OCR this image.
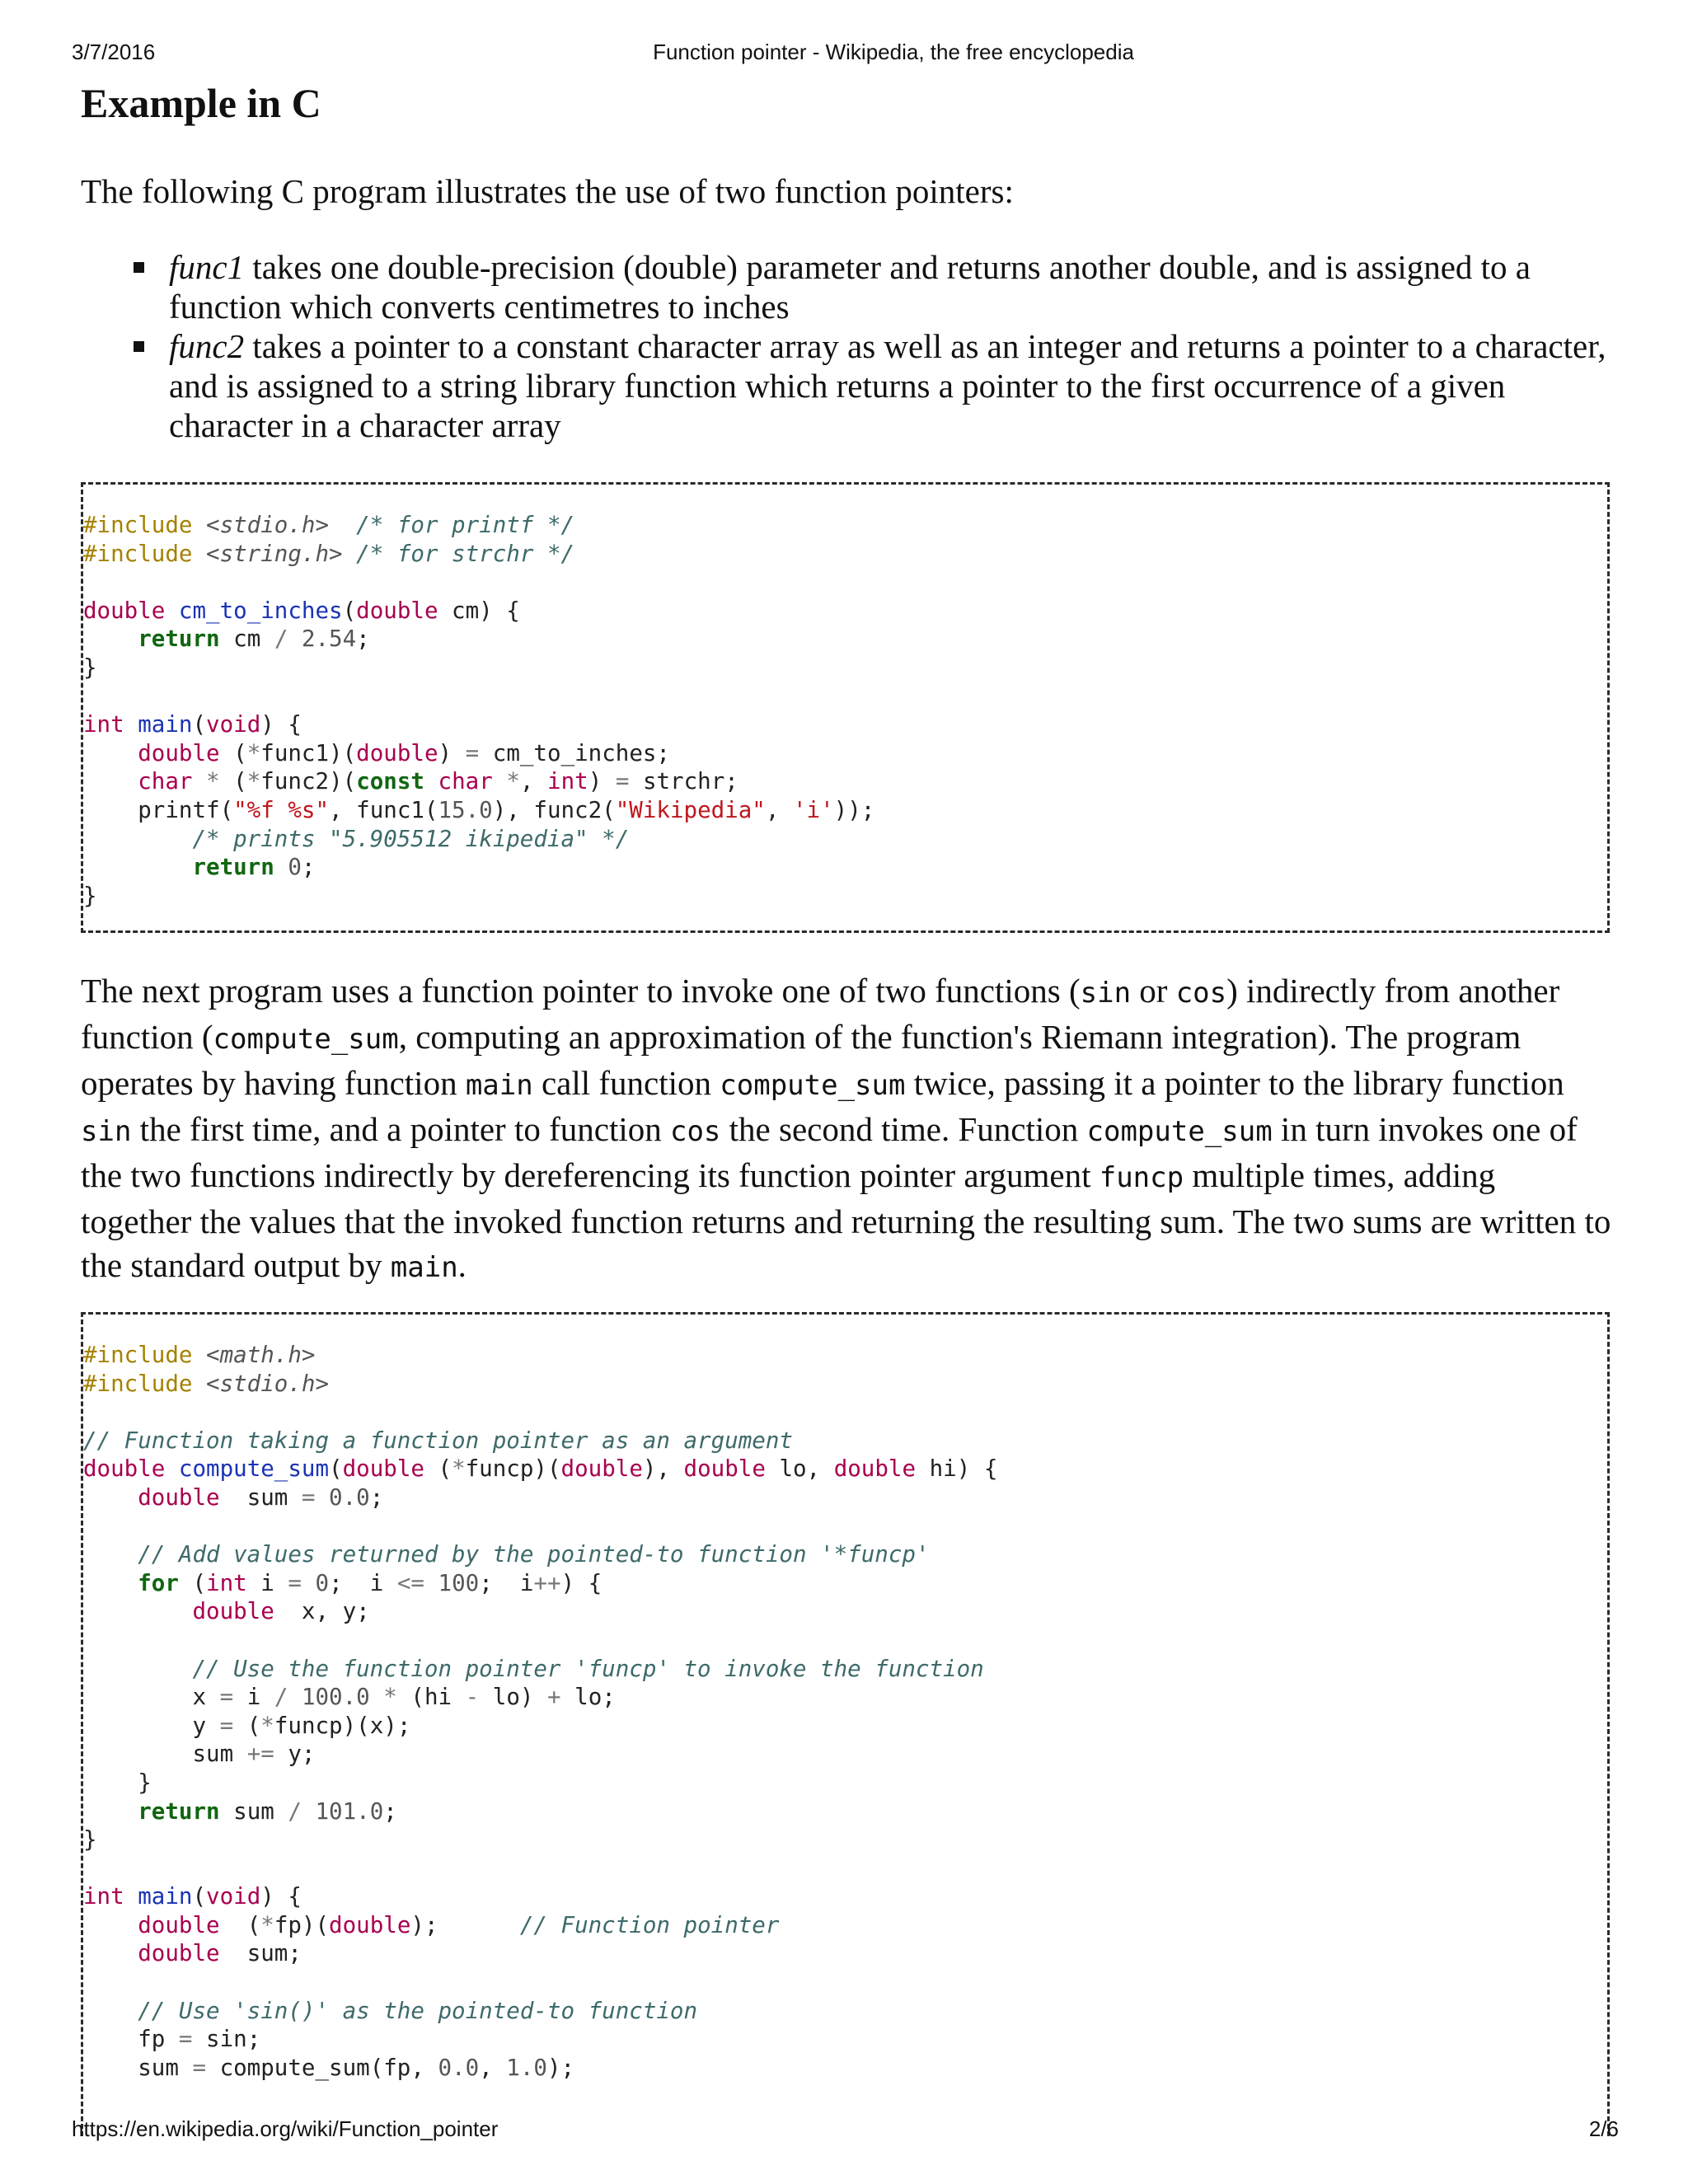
3/7/2016	Function pointer - Wikipedia, the free encyclopedia
Example in C

The following C program illustrates the use of two function pointers:

func1 takes one double-precision (double) parameter and returns another double, and is assigned to a function which converts centimetres to inches
func2 takes a pointer to a constant character array as well as an integer and returns a pointer to a character, and is assigned to a string library function which returns a pointer to the first occurrence of a given character in a character array
#include <stdio.h> /* for printf */
#include <string.h> /* for strchr */

double cm_to_inches(double cm) {
return cm / 2.54;
}

int main(void) {
double (*func1)(double) = cm_to_inches;
char * (*func2)(const char *, int) = strchr;
printf("%f %s", func1(15.0), func2("Wikipedia", 'i'));
/* prints "5.905512 ikipedia" */
return 0;
}

The next program uses a function pointer to invoke one of two functions (sin or cos) indirectly from another function (compute_sum, computing an approximation of the function's Riemann integration). The program operates by having function main call function compute_sum twice, passing it a pointer to the library function sin the first time, and a pointer to function cos the second time. Function compute_sum in turn invokes one of the two functions indirectly by dereferencing its function pointer argument funcp multiple times, adding together the values that the invoked function returns and returning the resulting sum. The two sums are written to the standard output by main.

#include <math.h>
#include <stdio.h>

// Function taking a function pointer as an argument
double compute_sum(double (*funcp)(double), double lo, double hi) {
double  sum = 0.0;

// Add values returned by the pointed-to function '*funcp'
for (int i = 0;  i <= 100;  i++) {
double  x, y;

// Use the function pointer 'funcp' to invoke the function
x = i / 100.0 * (hi - lo) + lo;
y = (*funcp)(x);
sum += y;
}
return sum / 101.0;
}

int main(void) {
double  (*fp)(double);      // Function pointer
double  sum;

// Use 'sin()' as the pointed-to function
fp = sin;
sum = compute_sum(fp, 0.0, 1.0);
https://en.wikipedia.org/wiki/Function_pointer	2/6
